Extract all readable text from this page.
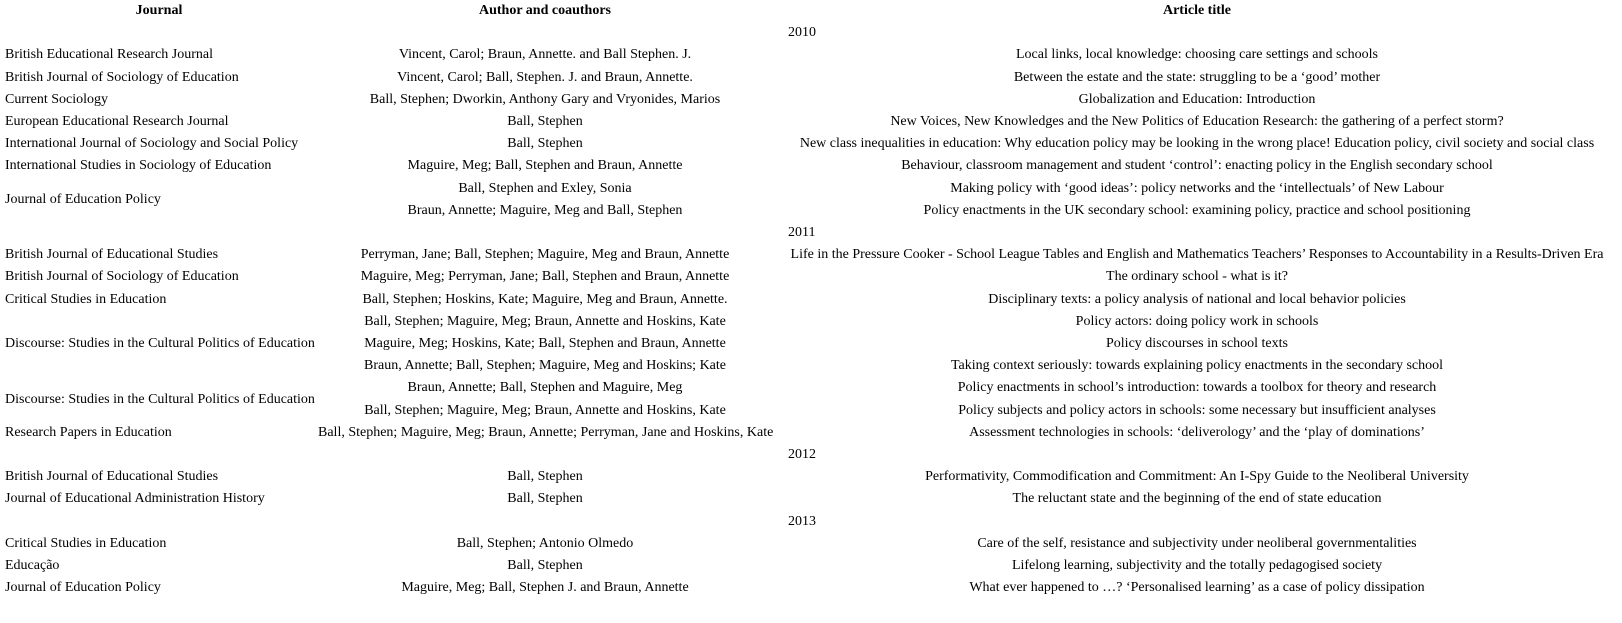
Journal	Author and coauthors	Article title
2010		
British Educational Research Journal	Vincent, Carol; Braun, Annette. and Ball Stephen. J.	Local links, local knowledge: choosing care settings and schools
British Journal of Sociology of Education	Vincent, Carol; Ball, Stephen. J. and Braun, Annette.	Between the estate and the state: struggling to be a ‘good’ mother
Current Sociology	Ball, Stephen; Dworkin, Anthony Gary and Vryonides, Marios	Globalization and Education: Introduction
European Educational Research Journal	Ball, Stephen	New Voices, New Knowledges and the New Politics of Education Research: the gathering of a perfect storm?
International Journal of Sociology and Social Policy	Ball, Stephen	New class inequalities in education: Why education policy may be looking in the wrong place! Education policy, civil society and social class
International Studies in Sociology of Education	Maguire, Meg; Ball, Stephen and Braun, Annette	Behaviour, classroom management and student ‘control’: enacting policy in the English secondary school
Journal of Education Policy	Ball, Stephen and Exley, Sonia	Making policy with ‘good ideas’: policy networks and the ‘intellectuals’ of New Labour
	Braun, Annette; Maguire, Meg and Ball, Stephen	Policy enactments in the UK secondary school: examining policy, practice and school positioning
2011		
British Journal of Educational Studies	Perryman, Jane; Ball, Stephen; Maguire, Meg and Braun, Annette	Life in the Pressure Cooker - School League Tables and English and Mathematics Teachers’ Responses to Accountability in a Results-Driven Era
British Journal of Sociology of Education	Maguire, Meg; Perryman, Jane; Ball, Stephen and Braun, Annette	The ordinary school - what is it?
Critical Studies in Education	Ball, Stephen; Hoskins, Kate; Maguire, Meg and Braun, Annette.	Disciplinary texts: a policy analysis of national and local behavior policies
Discourse: Studies in the Cultural Politics of Education	Ball, Stephen; Maguire, Meg; Braun, Annette and Hoskins, Kate	Policy actors: doing policy work in schools
	Maguire, Meg; Hoskins, Kate; Ball, Stephen and Braun, Annette	Policy discourses in school texts
	Braun, Annette; Ball, Stephen; Maguire, Meg and Hoskins; Kate	Taking context seriously: towards explaining policy enactments in the secondary school
Discourse: Studies in the Cultural Politics of Education	Braun, Annette; Ball, Stephen and Maguire, Meg	Policy enactments in school’s introduction: towards a toolbox for theory and research
	Ball, Stephen; Maguire, Meg; Braun, Annette and Hoskins, Kate	Policy subjects and policy actors in schools: some necessary but insufficient analyses
Research Papers in Education	Ball, Stephen; Maguire, Meg; Braun, Annette; Perryman, Jane and Hoskins, Kate	Assessment technologies in schools: ‘deliverology’ and the ‘play of dominations’
2012		
British Journal of Educational Studies	Ball, Stephen	Performativity, Commodification and Commitment: An I-Spy Guide to the Neoliberal University
Journal of Educational Administration History	Ball, Stephen	The reluctant state and the beginning of the end of state education
2013		
Critical Studies in Education	Ball, Stephen; Antonio Olmedo	Care of the self, resistance and subjectivity under neoliberal governmentalities
Educação	Ball, Stephen	Lifelong learning, subjectivity and the totally pedagogised society
Journal of Education Policy	Maguire, Meg; Ball, Stephen J. and Braun, Annette	What ever happened to …? ‘Personalised learning’ as a case of policy dissipation
